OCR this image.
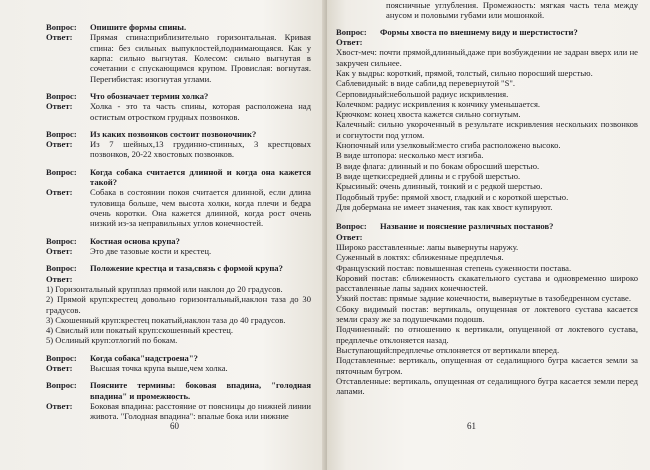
Вопрос:	Опишите формы спины.
Ответ:	Прямая спина:приблизительно горизонтальная. Кривая спина: без сильных выпуклостей,поднимающаяся. Как у карпа: сильно выгнутая. Колесом: сильно выгнутая в сочетании с спускающимся крупом. Провислая: вогнутая. Перегибистая: изогнутая углами.
Вопрос:	Что обозначает термин холка?
Ответ:	Холка - это та часть спины, которая расположена над остистым отростком грудных позвонков.
Вопрос:	Из каких позвонков состоит позвоночник?
Ответ:	Из 7 шейных,13 грудинно-спинных, 3 крестцовых позвонков, 20-22 хвостовых позвонков.
Вопрос:	Когда собака считается длинной и когда она кажется такой?
Ответ:	Собака в состоянии покоя считается длинной, если длина туловища больше, чем высота холки, когда плечи и бедра очень коротки. Она кажется длинной, когда рост очень низкий из-за неправильных углов конечностей.
Вопрос:	Костная основа крупа?
Ответ:	Это две тазовые кости и крестец.
Вопрос:	Положение крестца и таза,связь с формой крупа?
Ответ:
1) Горизонтальный крупплаз прямой или наклон до 20 градусов.
2) Прямой круп:крестец довольно горизонтальный,наклон таза до 30 градусов.
3) Скошенный круп:крестец покатый,наклон таза до 40 градусов.
4) Свислый или покатый круп:скошенный крестец.
5) Ослиный круп:отлогий по бокам.
Вопрос:	Когда собака"надстроена"?
Ответ:	Высшая точка крупа выше,чем холка.
Вопрос:	Поясните термины: боковая впадина, "голодная впадина" и промежность.
Ответ:	Боковая впадина: расстояние от поясницы до нижней линии живота. "Голодная впадина": впалые бока или нижние
60
поясничные углубления. Промежность: мягкая часть тела между анусом и половыми губами или мошонкой.
Вопрос:	Формы хвоста по внешнему виду и шерстистости?
Ответ:
Хвост-меч: почти прямой,длинный,даже при возбуждении не задран вверх или не закручен сильнее.
Как у выдры: короткий, прямой, толстый, сильно поросший шерстью.
Саблевидный: в виде сабли,вд перевернутой "S".
Серповидный:небольшой радиус искривления.
Колечком: радиус искривления к кончику уменьшается.
Крючком: конец хвоста кажется сильно согнутым.
Калечный: сильно укороченный в результате искривления нескольких позвонков и согнутости под углом.
Кнопочный или узелковый:место сгиба расположено высоко.
В виде штопора: несколько мест изгиба.
В виде флага: длинный и по бокам обросший шерстью.
В виде щетки:средней длины и с грубой шерстью.
Крысиный: очень длинный, тонкий и с редкой шерстью.
Подобный трубе: прямой хвост, гладкий и с короткой шерстью.
Для добермана не имеет значения, так как хвост купируют.
Вопрос:	Название и пояснение различных постанов?
Ответ:
Широко расставленные: лапы вывернуты наружу.
Суженный в локтях: сближенные предплечья.
Французский постав: повышенная степень суженности постава.
Коровий постав: сближенность скакательного сустава и одновременно широко расставленные лапы задних конечностей.
Узкий постав: прямые задние конечности, вывернутые в тазобедренном суставе.
Сбоку видимый постав: вертикаль, опущенная от локтевого сустава касается земли сразу же за подушечками подошв.
Подчиненный: по отношению к вертикали, опущенной от локтевого сустава, предплечье отклоняется назад.
Выступающий:предплечье отклоняется от вертикали вперед.
Подставленные: вертикаль, опущенная от седалищного бугра касается земли за пяточным бугром.
Отставленные: вертикаль, опущенная от седалищного бугра касается земли перед лапами.
61
